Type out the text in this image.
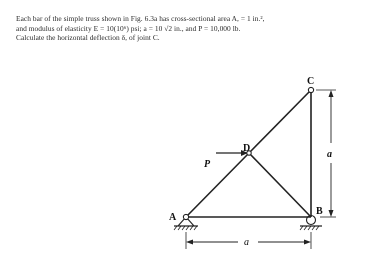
Each bar of the simple truss shown in Fig. 6.3a has cross-sectional area A, = 1 in.²,
and modulus of elasticity E = 10(10⁶) psi; a = 10 √2 in., and P = 10,000 lb.
Calculate the horizontal deflection δ, of joint C.
A
B
C
D
P
a
a
